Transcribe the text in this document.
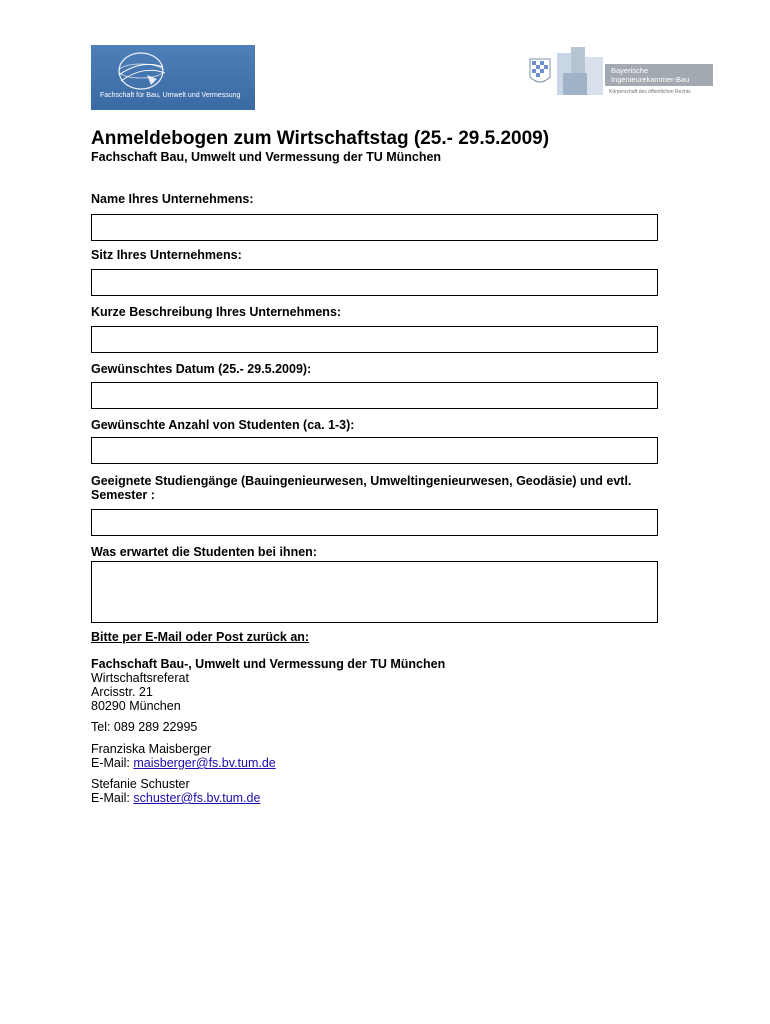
Fachschaft für Bau, Umwelt und Vermessung
Bayerische
Ingenieurekammer-Bau
Körperschaft des öffentlichen Rechts
Anmeldebogen zum Wirtschaftstag (25.- 29.5.2009)
Fachschaft Bau, Umwelt und Vermessung der TU München
Name Ihres Unternehmens:
Sitz Ihres Unternehmens:
Kurze Beschreibung Ihres Unternehmens:
Gewünschtes Datum (25.- 29.5.2009):
Gewünschte Anzahl von Studenten (ca. 1-3):
Geeignete Studiengänge (Bauingenieurwesen, Umweltingenieurwesen, Geodäsie) und evtl.
Semester :
Was erwartet die Studenten bei ihnen:
Bitte per E-Mail oder Post zurück an:
Fachschaft Bau-, Umwelt und Vermessung der TU München
Wirtschaftsreferat
Arcisstr. 21
80290 München
Tel: 089 289 22995
Franziska Maisberger
E-Mail: maisberger@fs.bv.tum.de
Stefanie Schuster
E-Mail: schuster@fs.bv.tum.de
